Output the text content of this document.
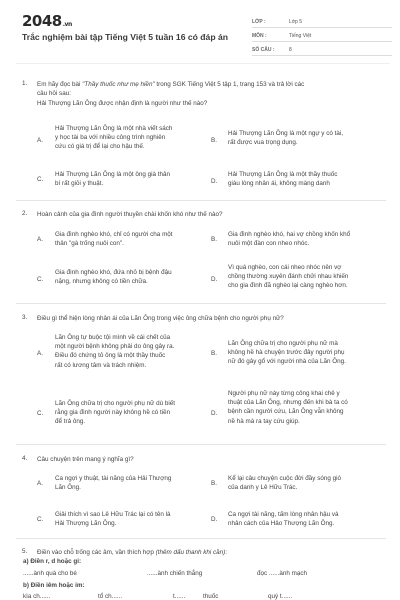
2048.vn
Trắc nghiệm bài tập Tiếng Việt 5 tuần 16 có đáp án
LỚP :	Lớp 5
MÔN :	Tiếng Việt
SỐ CÂU :	8
1. Em hãy đọc bài "Thầy thuốc như mẹ hiền" trong SGK Tiếng Việt 5 tập 1, trang 153 và trả lời các
câu hỏi sau:
Hải Thượng Lãn Ông được nhận định là người như thế nào?
A.
Hải Thượng Lãn Ông là một nhà viết sách
y học tài ba với nhiều công trình nghiên
cứu có giá trị để lại cho hậu thế.
B.
Hải Thượng Lãn Ông là một ngự y có tài,
rất được vua trọng dụng.
C.
Hải Thượng Lãn Ông là một ông già thân
bí rất giỏi y thuật.	D.
Hải Thượng Lãn Ông là một thầy thuốc
giàu lòng nhân ái, không màng danh
2. Hoàn cảnh của gia đình người thuyền chài khốn khó như thế nào?
A.
Gia đình nghèo khó, chỉ có người cha một
thân "gà trống nuôi con".
B.
Gia đình nghèo khó, hai vợ chồng khốn khổ
nuôi một đàn con nheo nhóc.
C.
Gia đình nghèo khó, đứa nhỏ bị bệnh đậu
nặng, nhưng không có tiền chữa.	D.
Vì quá nghèo, con cái nheo nhóc nên vợ
chồng thường xuyên đánh chửi nhau khiến
cho gia đình đã nghèo lại càng nghèo hơn.
3. Điều gì thể hiện lòng nhân ái của Lãn Ông trong việc ông chữa bệnh cho người phụ nữ?
A.
Lãn Ông tự buộc tội mình về cái chết của
một người bệnh không phải do ông gây ra.
Điều đó chứng tỏ ông là một thầy thuốc
rất có lương tâm và trách nhiệm.
B.
Lãn Ông chữa trị cho người phụ nữ mà
không hề hà chuyện trước đây người phụ
nữ đó gây gổ với người nhà của Lãn Ông.
C.
Lãn Ông chữa trị cho người phụ nữ dù biết
rằng gia đình người này không hề có tiền
để trả ông.
D.
Người phụ nữ này từng công khai chê y
thuật của Lãn Ông, nhưng đến khi bà ta có
bệnh cần người cứu, Lãn Ông vẫn không
nề hà mà ra tay cứu giúp.
4. Câu chuyện trên mang ý nghĩa gì?
A.
Ca ngợi y thuật, tài năng của Hải Thượng
Lãn Ông.
B.
Kể lại câu chuyện cuộc đời đầy sóng gió
của danh y Lê Hữu Trác.
C.
Giải thích vì sao Lê Hữu Trác lại có tên là
Hải Thượng Lãn Ông.
D.
Ca ngợi tài năng, tấm lòng nhân hậu và
nhân cách của Hảo Thượng Lãn Ông.
5. Điền vào chỗ trống các âm, vần thích hợp (thêm dấu thanh khi cần):
a) Điền r, d hoặc gi:
......ành quà cho bé	......ành chiến thắng	đọc ......ành mạch
b) Điền iêm hoặc im:
kìa ch......	tổ ch......	t......	thuốc	quý t......
